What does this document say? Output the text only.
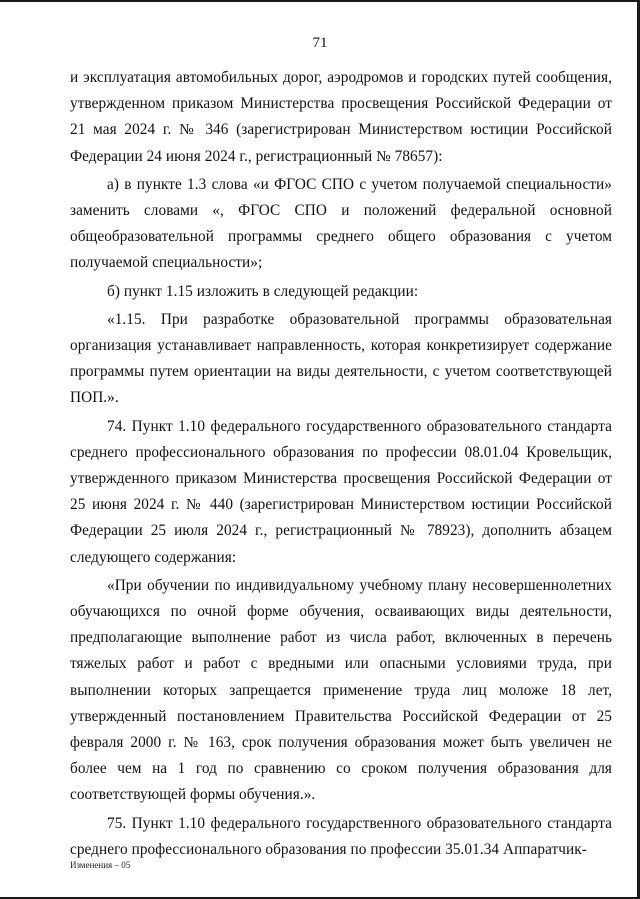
71

и эксплуатация автомобильных дорог, аэродромов и городских путей сообщения, утвержденном приказом Министерства просвещения Российской Федерации от 21 мая 2024 г. № 346 (зарегистрирован Министерством юстиции Российской Федерации 24 июня 2024 г., регистрационный № 78657):

а) в пункте 1.3 слова «и ФГОС СПО с учетом получаемой специальности» заменить словами «, ФГОС СПО и положений федеральной основной общеобразовательной программы среднего общего образования с учетом получаемой специальности»;

б) пункт 1.15 изложить в следующей редакции:

«1.15. При разработке образовательной программы образовательная организация устанавливает направленность, которая конкретизирует содержание программы путем ориентации на виды деятельности, с учетом соответствующей ПОП.».

74. Пункт 1.10 федерального государственного образовательного стандарта среднего профессионального образования по профессии 08.01.04 Кровельщик, утвержденного приказом Министерства просвещения Российской Федерации от 25 июня 2024 г. № 440 (зарегистрирован Министерством юстиции Российской Федерации 25 июля 2024 г., регистрационный № 78923), дополнить абзацем следующего содержания:

«При обучении по индивидуальному учебному плану несовершеннолетних обучающихся по очной форме обучения, осваивающих виды деятельности, предполагающие выполнение работ из числа работ, включенных в перечень тяжелых работ и работ с вредными или опасными условиями труда, при выполнении которых запрещается применение труда лиц моложе 18 лет, утвержденный постановлением Правительства Российской Федерации от 25 февраля 2000 г. № 163, срок получения образования может быть увеличен не более чем на 1 год по сравнению со сроком получения образования для соответствующей формы обучения.».

75. Пункт 1.10 федерального государственного образовательного стандарта среднего профессионального образования по профессии 35.01.34 Аппаратчик-

Изменения – 05
